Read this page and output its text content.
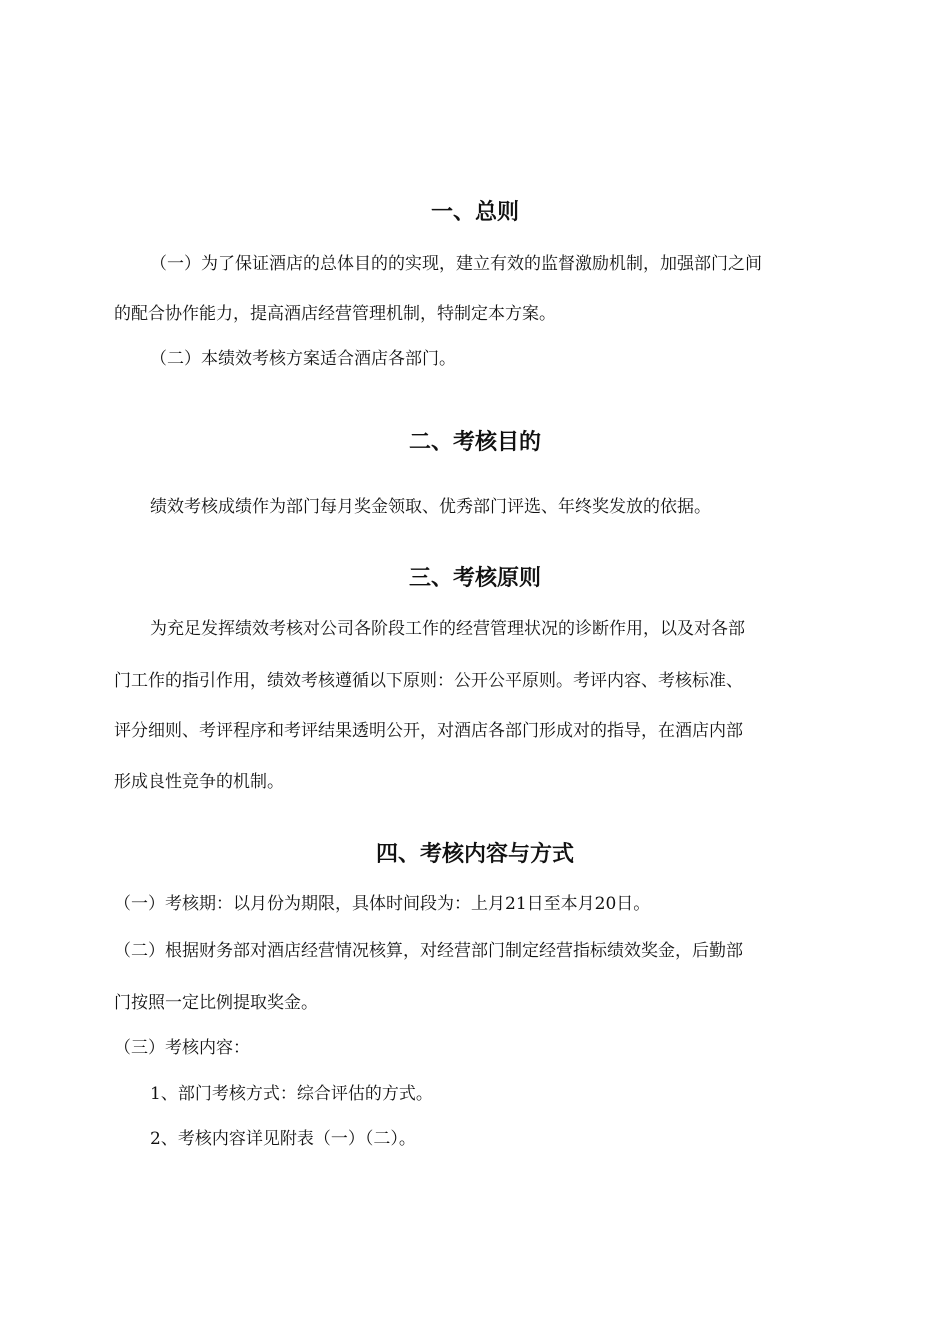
一、总则
（一）为了保证酒店的总体目的的实现，建立有效的监督激励机制，加强部门之间
的配合协作能力，提高酒店经营管理机制，特制定本方案。
（二）本绩效考核方案适合酒店各部门。
二、考核目的
绩效考核成绩作为部门每月奖金领取、优秀部门评选、年终奖发放的依据。
三、考核原则
为充足发挥绩效考核对公司各阶段工作的经营管理状况的诊断作用，以及对各部
门工作的指引作用，绩效考核遵循以下原则：公开公平原则。考评内容、考核标准、
评分细则、考评程序和考评结果透明公开，对酒店各部门形成对的指导，在酒店内部
形成良性竞争的机制。
四、考核内容与方式
（一）考核期：以月份为期限，具体时间段为：上月21日至本月20日。
（二）根据财务部对酒店经营情况核算，对经营部门制定经营指标绩效奖金，后勤部
门按照一定比例提取奖金。
（三）考核内容：
1、部门考核方式：综合评估的方式。
2、考核内容详见附表（一）（二）。
